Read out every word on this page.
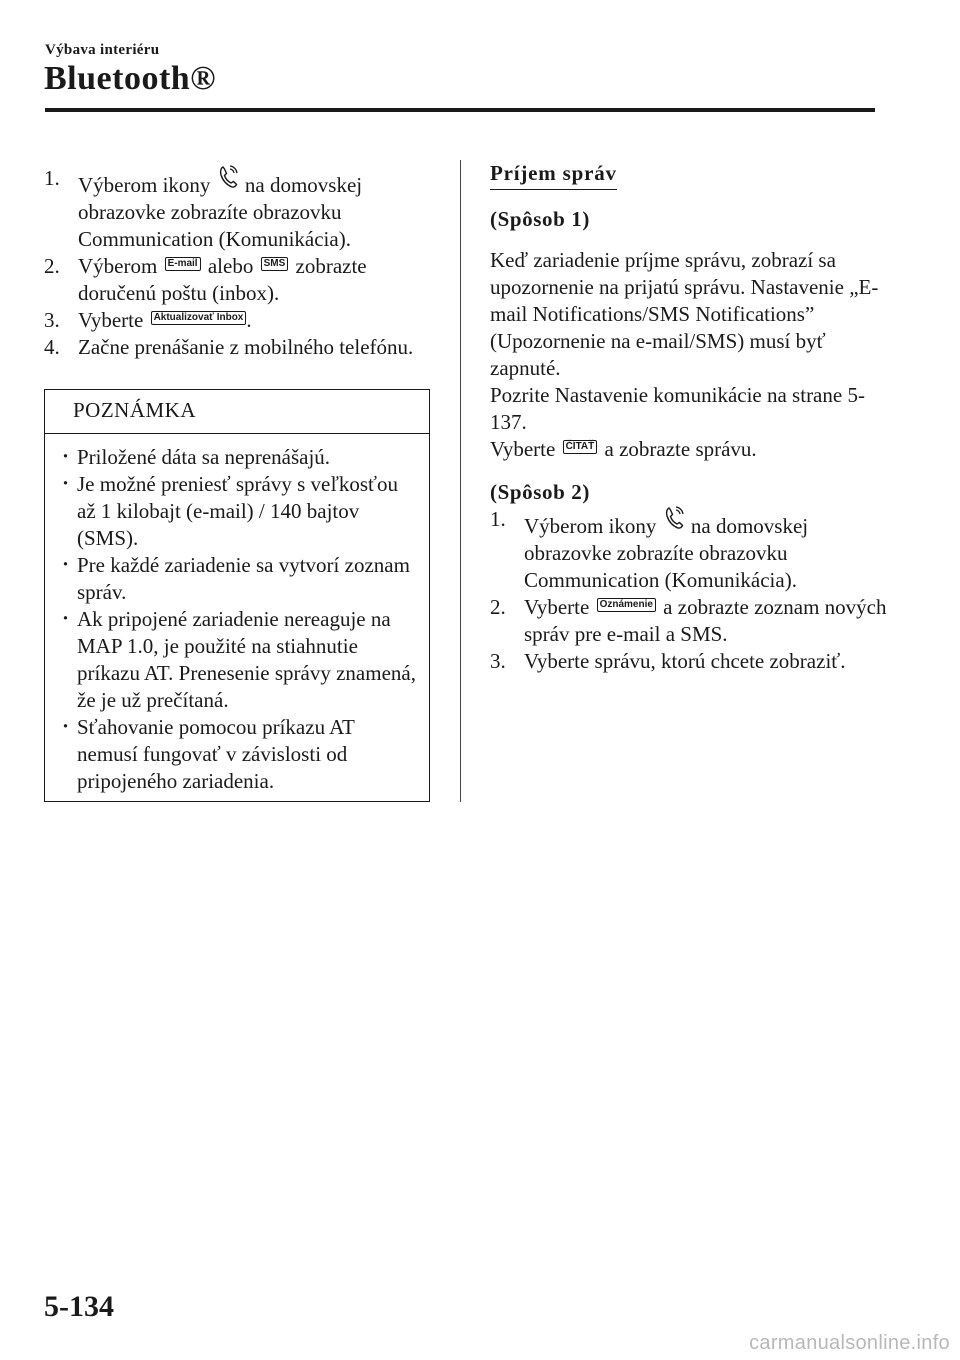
Výbava interiéru
Bluetooth®
1. Výberom ikony na domovskej obrazovke zobrazíte obrazovku Communication (Komunikácia).
2. Výberom E-mail alebo SMS zobrazte doručenú poštu (inbox).
3. Vyberte Aktualizovať Inbox .
4. Začne prenášanie z mobilného telefónu.
POZNÁMKA
· Priložené dáta sa neprenášajú.
· Je možné preniesť správy s veľkosťou až 1 kilobajt (e-mail) / 140 bajtov (SMS).
· Pre každé zariadenie sa vytvorí zoznam správ.
· Ak pripojené zariadenie nereaguje na MAP 1.0, je použité na stiahnutie príkazu AT. Prenesenie správy znamená, že je už prečítaná.
· Sťahovanie pomocou príkazu AT nemusí fungovať v závislosti od pripojeného zariadenia.
Príjem správ
(Spôsob 1)
Keď zariadenie príjme správu, zobrazí sa upozornenie na prijatú správu. Nastavenie „E-mail Notifications/SMS Notifications” (Upozornenie na e-mail/SMS) musí byť zapnuté.
Pozrite Nastavenie komunikácie na strane 5-137.
Vyberte ČÍTAŤ a zobrazte správu.
(Spôsob 2)
1. Výberom ikony na domovskej obrazovke zobrazíte obrazovku Communication (Komunikácia).
2. Vyberte Oznámenie a zobrazte zoznam nových správ pre e-mail a SMS.
3. Vyberte správu, ktorú chcete zobraziť.
5-134
carmanualsonline.info
